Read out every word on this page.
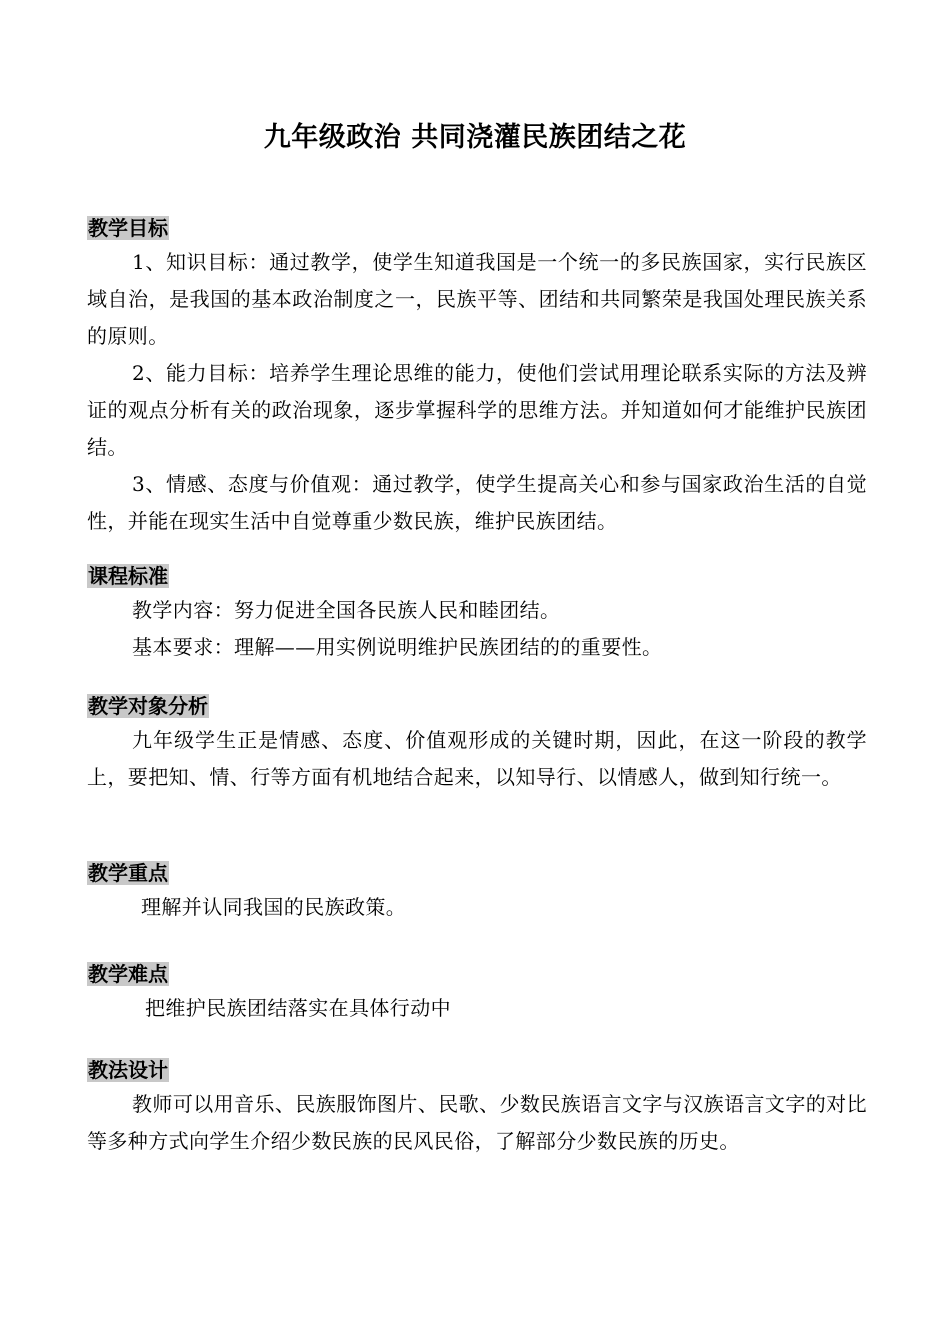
九年级政治 共同浇灌民族团结之花
教学目标

1、知识目标：通过教学，使学生知道我国是一个统一的多民族国家，实行民族区域自治，是我国的基本政治制度之一，民族平等、团结和共同繁荣是我国处理民族关系的原则。

2、能力目标：培养学生理论思维的能力，使他们尝试用理论联系实际的方法及辨证的观点分析有关的政治现象，逐步掌握科学的思维方法。并知道如何才能维护民族团结。

3、情感、态度与价值观：通过教学，使学生提高关心和参与国家政治生活的自觉性，并能在现实生活中自觉尊重少数民族，维护民族团结。

课程标准

教学内容：努力促进全国各民族人民和睦团结。

基本要求：理解——用实例说明维护民族团结的的重要性。

教学对象分析

九年级学生正是情感、态度、价值观形成的关键时期，因此，在这一阶段的教学上，要把知、情、行等方面有机地结合起来，以知导行、以情感人，做到知行统一。

教学重点

理解并认同我国的民族政策。

教学难点

把维护民族团结落实在具体行动中

教法设计

教师可以用音乐、民族服饰图片、民歌、少数民族语言文字与汉族语言文字的对比等多种方式向学生介绍少数民族的民风民俗，了解部分少数民族的历史。
